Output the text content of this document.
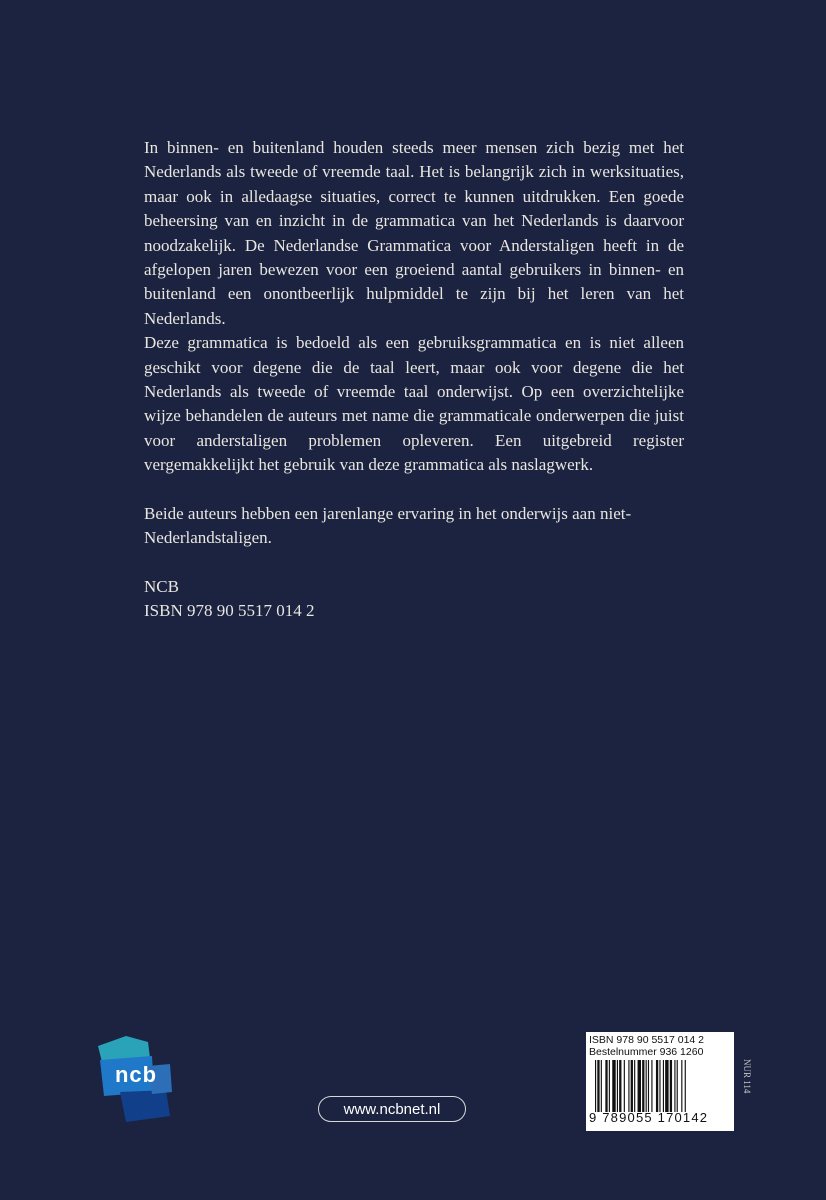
In binnen- en buitenland houden steeds meer mensen zich bezig met het Nederlands als tweede of vreemde taal. Het is belangrijk zich in werksituaties, maar ook in alledaagse situaties, correct te kunnen uitdrukken. Een goede beheersing van en inzicht in de grammatica van het Nederlands is daarvoor noodzakelijk. De Nederlandse Grammatica voor Anderstaligen heeft in de afgelopen jaren bewezen voor een groeiend aantal gebruikers in binnen- en buitenland een onontbeerlijk hulpmiddel te zijn bij het leren van het Nederlands.

Deze grammatica is bedoeld als een gebruiksgrammatica en is niet alleen geschikt voor degene die de taal leert, maar ook voor degene die het Nederlands als tweede of vreemde taal onderwijst. Op een overzichtelijke wijze behandelen de auteurs met name die grammaticale onderwerpen die juist voor anderstaligen problemen opleveren. Een uitgebreid register vergemakkelijkt het gebruik van deze grammatica als naslagwerk.

Beide auteurs hebben een jarenlange ervaring in het onderwijs aan niet-Nederlandstaligen.

NCB

ISBN 978 90 5517 014 2

ncb
www.ncbnet.nl
ISBN 978 90 5517 014 2
Bestelnummer 936 1260
9 789055 170142
NUR 114
